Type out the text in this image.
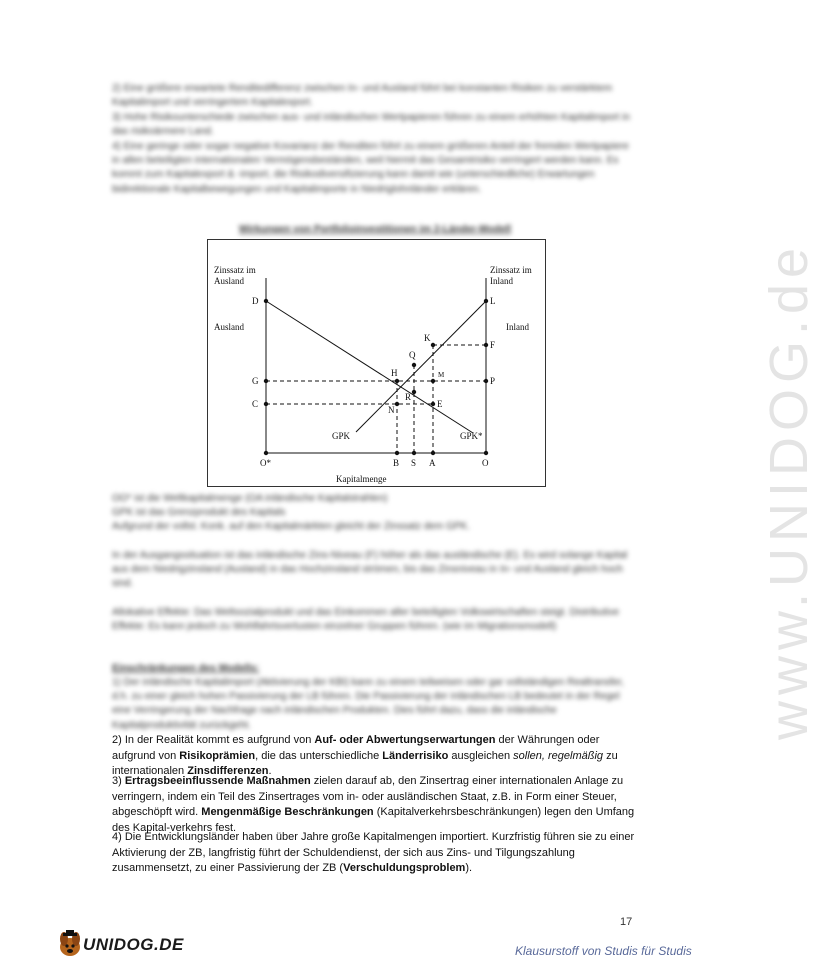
2) Eine größere erwartete Renditedifferenz zwischen In- und Ausland führt bei konstanten Risiken zu verstärktem Kapitalimport und verringertem Kapitalexport.
3) Hohe Risikounterschiede zwischen aus- und inländischen Wertpapieren führen zu einem erhöhten Kapitalimport in das risikoärmere Land.
4) Eine geringe oder sogar negative Kovarianz der Renditen führt zu einem größeren Anteil der fremden Wertpapiere in allen beteiligten internationalen Vermögensbeständen, weil hiermit das Gesamtrisiko verringert werden kann. Es kommt zum Kapitalexport & -import, die Risikodiversifizierung kann damit wie (unterschiedliche) Erwartungen bidirektionale Kapitalbewegungen und Kapitalimporte in Niedriglohnländer erklären.
Wirkungen von Portfolioinvestitionen im 2-Länder-Modell
Zinssatz im
Ausland
Zinssatz im
Inland
Ausland	Inland
D
G
C
L
F
P
K
Q
H	M
R
N
E
GPK	GPK*
O*	B S A	O
Kapitalmenge
OO* ist die Weltkapitalmenge (OA inländische Kapitalstrahlen)
GPK ist das Grenzprodukt des Kapitals
Aufgrund der vollst. Konk. auf den Kapitalmärkten gleicht der Zinssatz dem GPK.
In der Ausgangssituation ist das inländische Zins-Niveau (F) höher als das ausländische (E). Es wird solange Kapital aus dem Niedrigzinsland (Ausland) in das Hochzinsland strömen, bis das Zinsniveau in In- und Ausland gleich hoch sind.
Allokative Effekte: Das Weltsozialprodukt und das Einkommen aller beteiligten Volkswirtschaften steigt. Distributive Effekte: Es kann jedoch zu Wohlfahrtsverlusten einzelner Gruppen führen. (wie im Migrationsmodell)
Einschränkungen des Modells:
1) Der inländische Kapitalimport (Aktivierung der KBI) kann zu einem teilweisen oder gar vollständigen Realtransfer, d.h. zu einer gleich hohen Passivierung der LB führen. Die Passivierung der inländischen LB bedeutet in der Regel eine Verringerung der Nachfrage nach inländischen Produkten. Dies führt dazu, dass die inländische Kapitalproduktivität zurückgeht.
2) In der Realität kommt es aufgrund von Auf- oder Abwertungserwartungen der Währungen oder aufgrund von Risikoprämien, die das unterschiedliche Länderrisiko ausgleichen sollen, regelmäßig zu internationalen Zinsdifferenzen.
3) Ertragsbeeinflussende Maßnahmen zielen darauf ab, den Zinsertrag einer internationalen Anlage zu verringern, indem ein Teil des Zinsertrages vom in- oder ausländischen Staat, z.B. in Form einer Steuer, abgeschöpft wird. Mengenmäßige Beschränkungen (Kapitalverkehrsbeschränkungen) legen den Umfang des Kapital-verkehrs fest.
4) Die Entwicklungsländer haben über Jahre große Kapitalmengen importiert. Kurzfristig führen sie zu einer Aktivierung der ZB, langfristig führt der Schuldendienst, der sich aus Zins- und Tilgungszahlung zusammensetzt, zu einer Passivierung der ZB (Verschuldungsproblem).
www.UNIDOG.de
17
UNIDOG.DE	Klausurstoff von Studis für Studis
